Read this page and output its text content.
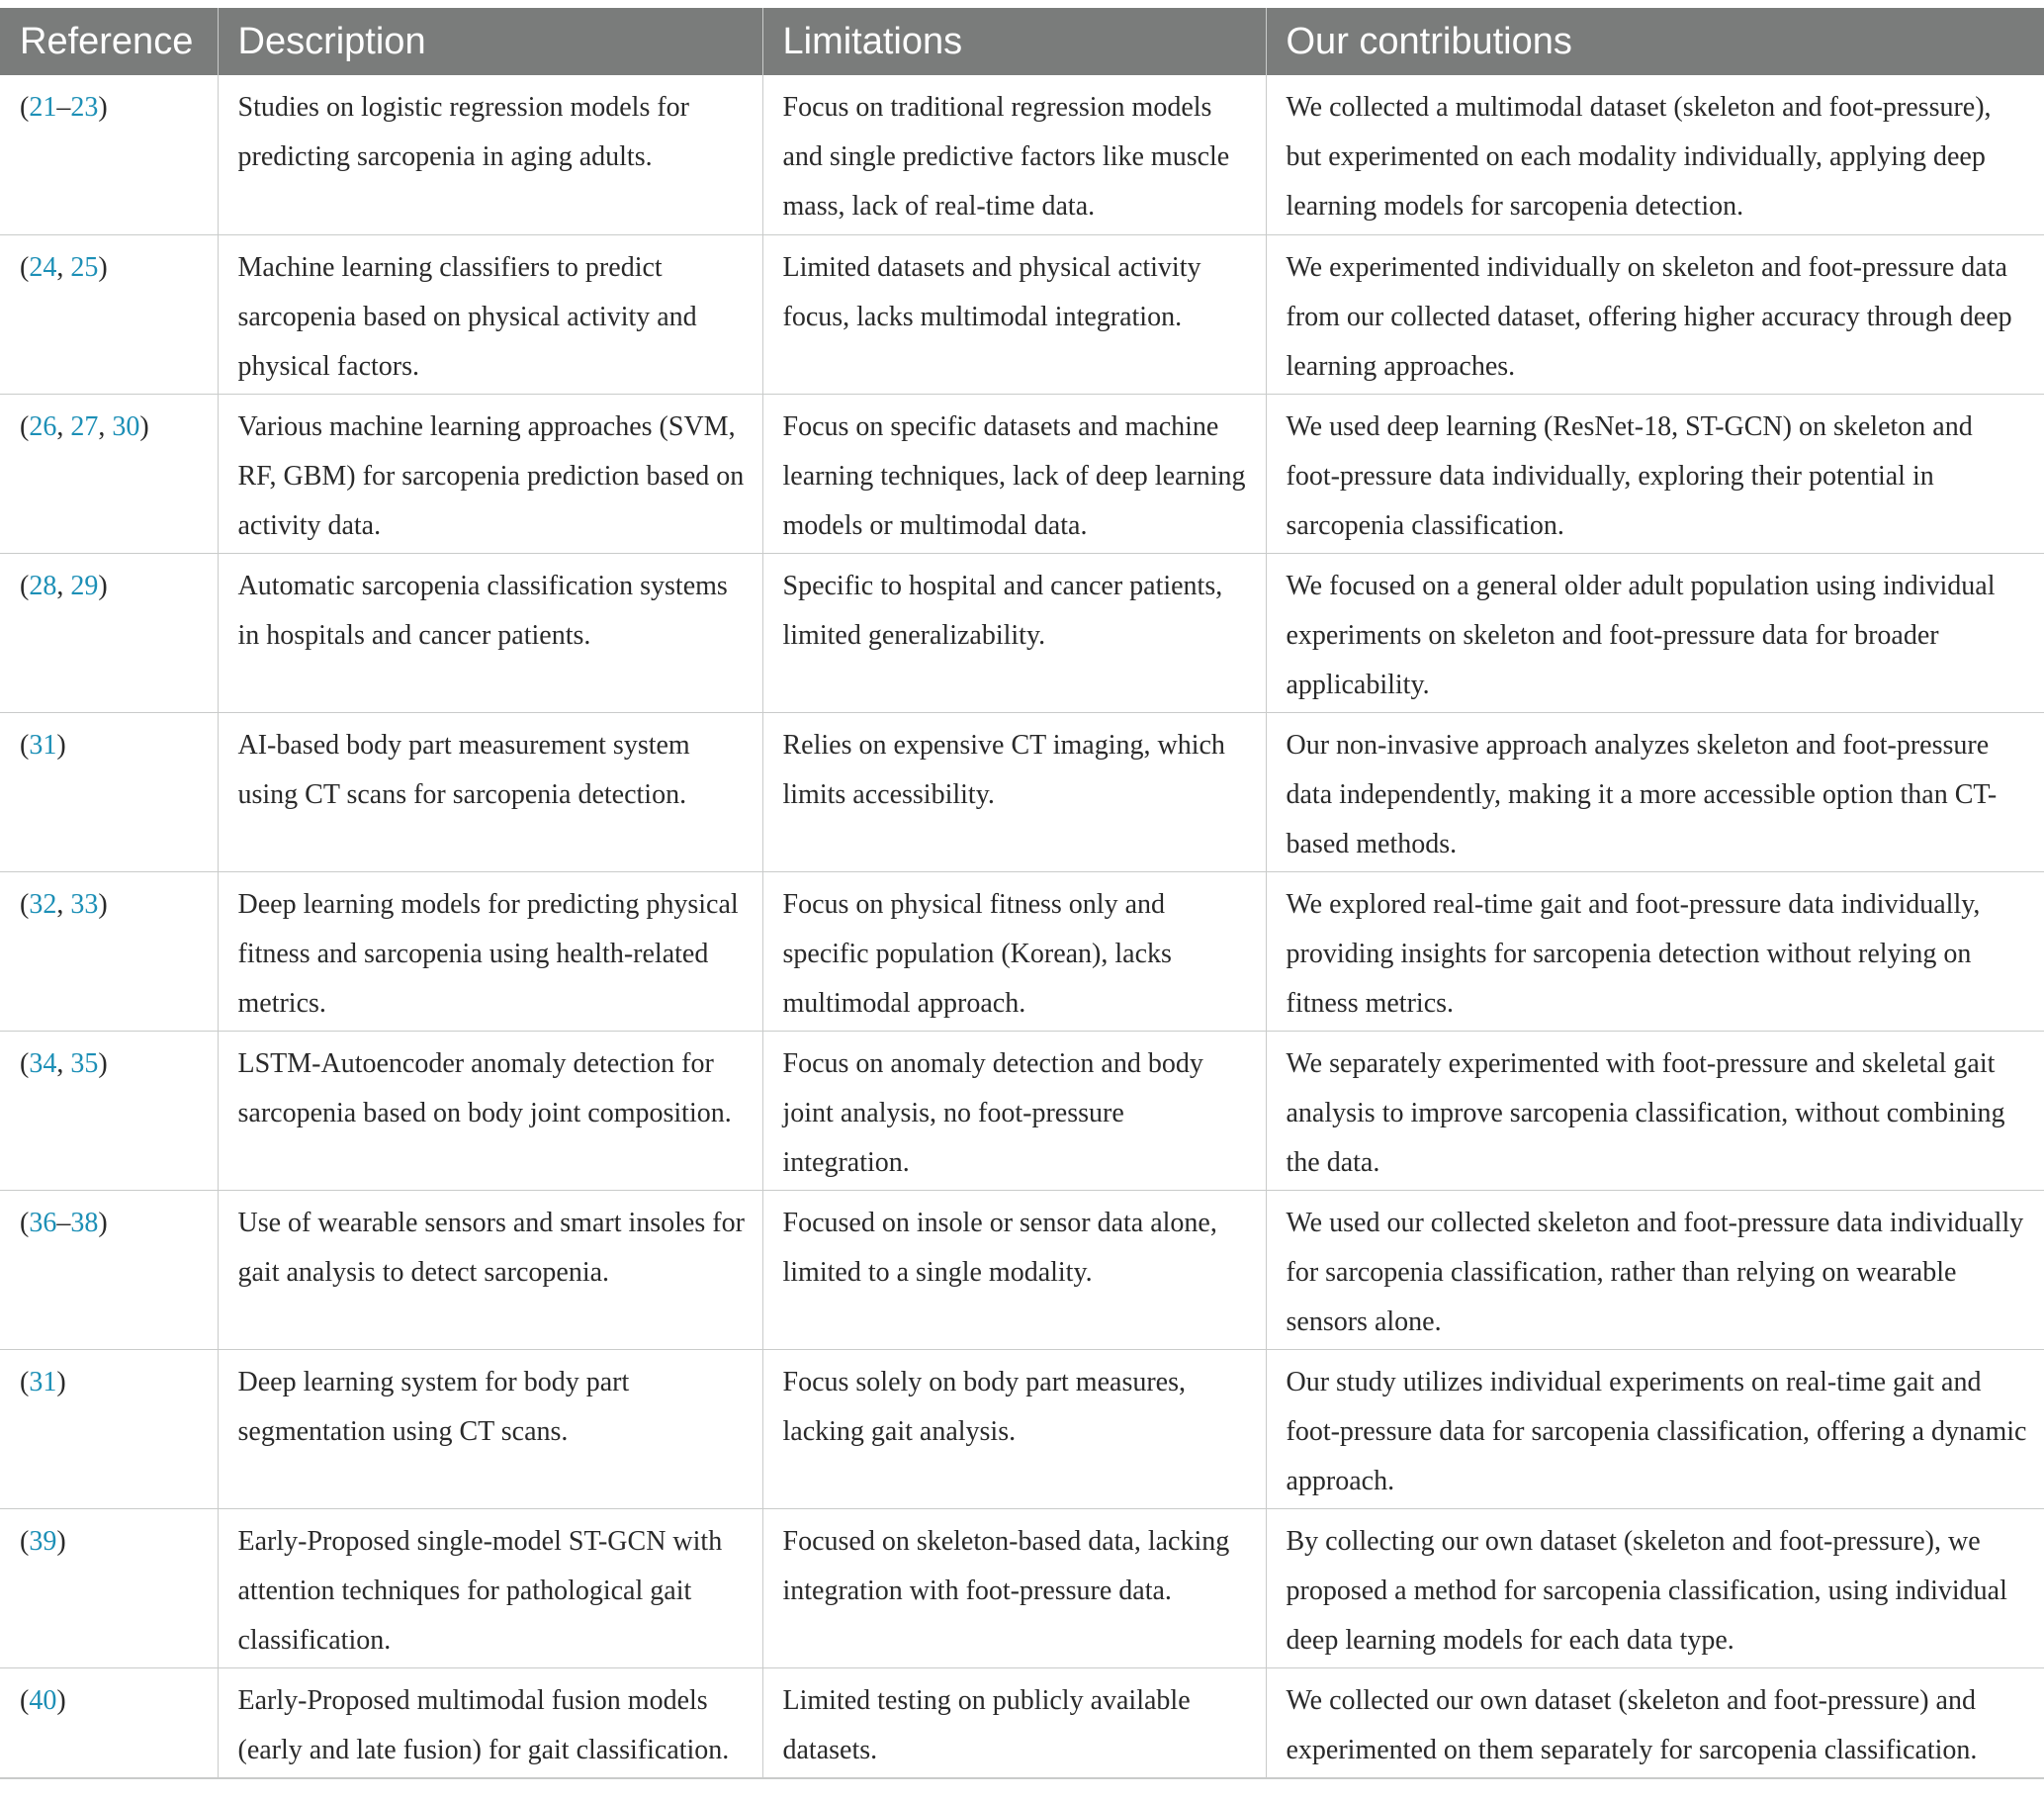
Reference	Description	Limitations	Our contributions
(21–23)	Studies on logistic regression models for predicting sarcopenia in aging adults.	Focus on traditional regression models and single predictive factors like muscle mass, lack of real-time data.	We collected a multimodal dataset (skeleton and foot-pressure), but experimented on each modality individually, applying deep learning models for sarcopenia detection.
(24, 25)	Machine learning classifiers to predict sarcopenia based on physical activity and physical factors.	Limited datasets and physical activity focus, lacks multimodal integration.	We experimented individually on skeleton and foot-pressure data from our collected dataset, offering higher accuracy through deep learning approaches.
(26, 27, 30)	Various machine learning approaches (SVM, RF, GBM) for sarcopenia prediction based on activity data.	Focus on specific datasets and machine learning techniques, lack of deep learning models or multimodal data.	We used deep learning (ResNet-18, ST-GCN) on skeleton and foot-pressure data individually, exploring their potential in sarcopenia classification.
(28, 29)	Automatic sarcopenia classification systems in hospitals and cancer patients.	Specific to hospital and cancer patients, limited generalizability.	We focused on a general older adult population using individual experiments on skeleton and foot-pressure data for broader applicability.
(31)	AI-based body part measurement system using CT scans for sarcopenia detection.	Relies on expensive CT imaging, which limits accessibility.	Our non-invasive approach analyzes skeleton and foot-pressure data independently, making it a more accessible option than CT-based methods.
(32, 33)	Deep learning models for predicting physical fitness and sarcopenia using health-related metrics.	Focus on physical fitness only and specific population (Korean), lacks multimodal approach.	We explored real-time gait and foot-pressure data individually, providing insights for sarcopenia detection without relying on fitness metrics.
(34, 35)	LSTM-Autoencoder anomaly detection for sarcopenia based on body joint composition.	Focus on anomaly detection and body joint analysis, no foot-pressure integration.	We separately experimented with foot-pressure and skeletal gait analysis to improve sarcopenia classification, without combining the data.
(36–38)	Use of wearable sensors and smart insoles for gait analysis to detect sarcopenia.	Focused on insole or sensor data alone, limited to a single modality.	We used our collected skeleton and foot-pressure data individually for sarcopenia classification, rather than relying on wearable sensors alone.
(31)	Deep learning system for body part segmentation using CT scans.	Focus solely on body part measures, lacking gait analysis.	Our study utilizes individual experiments on real-time gait and foot-pressure data for sarcopenia classification, offering a dynamic approach.
(39)	Early-Proposed single-model ST-GCN with attention techniques for pathological gait classification.	Focused on skeleton-based data, lacking integration with foot-pressure data.	By collecting our own dataset (skeleton and foot-pressure), we proposed a method for sarcopenia classification, using individual deep learning models for each data type.
(40)	Early-Proposed multimodal fusion models (early and late fusion) for gait classification.	Limited testing on publicly available datasets.	We collected our own dataset (skeleton and foot-pressure) and experimented on them separately for sarcopenia classification.
